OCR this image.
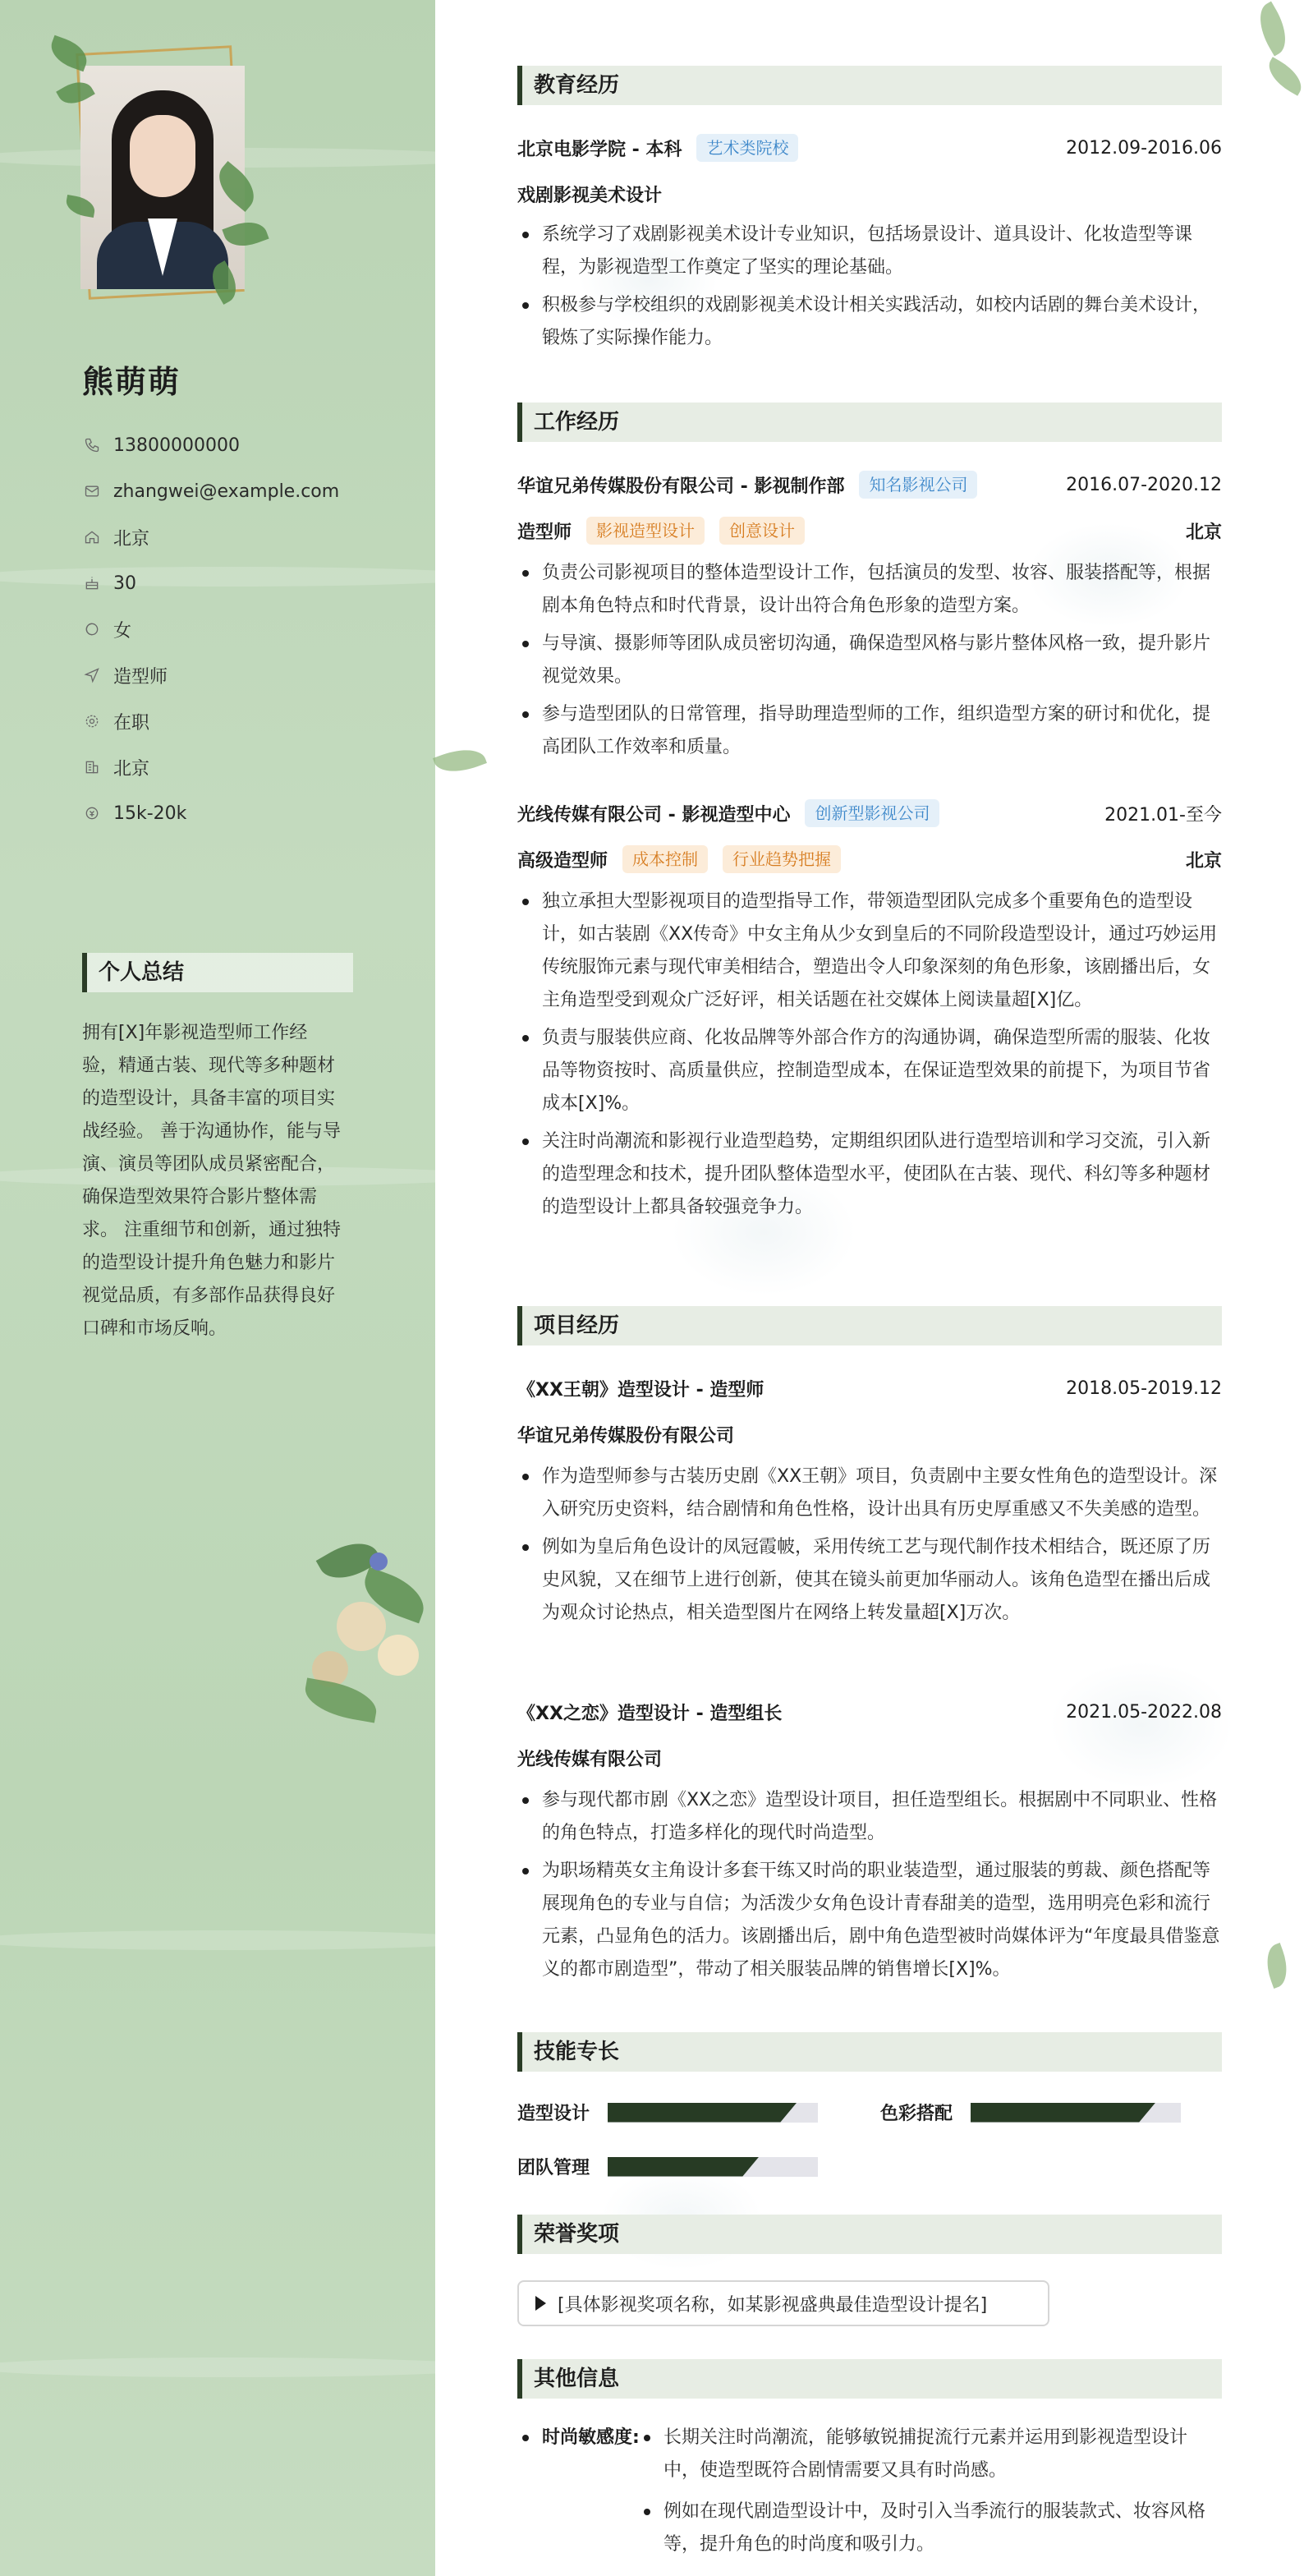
熊萌萌
13800000000
zhangwei@example.com
北京
30
女
造型师
在职
北京
15k-20k
个人总结
拥有[X]年影视造型师工作经验，精通古装、现代等多种题材的造型设计，具备丰富的项目实战经验。 善于沟通协作，能与导演、演员等团队成员紧密配合，确保造型效果符合影片整体需求。 注重细节和创新，通过独特的造型设计提升角色魅力和影片视觉品质，有多部作品获得良好口碑和市场反响。
教育经历
北京电影学院 - 本科	艺术类院校	2012.09-2016.06
戏剧影视美术设计
系统学习了戏剧影视美术设计专业知识，包括场景设计、道具设计、化妆造型等课程，为影视造型工作奠定了坚实的理论基础。
积极参与学校组织的戏剧影视美术设计相关实践活动，如校内话剧的舞台美术设计，锻炼了实际操作能力。
工作经历
华谊兄弟传媒股份有限公司 - 影视制作部	知名影视公司	2016.07-2020.12
造型师	影视造型设计	创意设计	北京
负责公司影视项目的整体造型设计工作，包括演员的发型、妆容、服装搭配等，根据剧本角色特点和时代背景，设计出符合角色形象的造型方案。
与导演、摄影师等团队成员密切沟通，确保造型风格与影片整体风格一致，提升影片视觉效果。
参与造型团队的日常管理，指导助理造型师的工作，组织造型方案的研讨和优化，提高团队工作效率和质量。
光线传媒有限公司 - 影视造型中心	创新型影视公司	2021.01-至今
高级造型师	成本控制	行业趋势把握	北京
独立承担大型影视项目的造型指导工作，带领造型团队完成多个重要角色的造型设计，如古装剧《XX传奇》中女主角从少女到皇后的不同阶段造型设计，通过巧妙运用传统服饰元素与现代审美相结合，塑造出令人印象深刻的角色形象，该剧播出后，女主角造型受到观众广泛好评，相关话题在社交媒体上阅读量超[X]亿。
负责与服装供应商、化妆品牌等外部合作方的沟通协调，确保造型所需的服装、化妆品等物资按时、高质量供应，控制造型成本，在保证造型效果的前提下，为项目节省成本[X]%。
关注时尚潮流和影视行业造型趋势，定期组织团队进行造型培训和学习交流，引入新的造型理念和技术，提升团队整体造型水平，使团队在古装、现代、科幻等多种题材的造型设计上都具备较强竞争力。
项目经历
《XX王朝》造型设计 - 造型师	2018.05-2019.12
华谊兄弟传媒股份有限公司
作为造型师参与古装历史剧《XX王朝》项目，负责剧中主要女性角色的造型设计。深入研究历史资料，结合剧情和角色性格，设计出具有历史厚重感又不失美感的造型。
例如为皇后角色设计的凤冠霞帔，采用传统工艺与现代制作技术相结合，既还原了历史风貌，又在细节上进行创新，使其在镜头前更加华丽动人。该角色造型在播出后成为观众讨论热点，相关造型图片在网络上转发量超[X]万次。
《XX之恋》造型设计 - 造型组长	2021.05-2022.08
光线传媒有限公司
参与现代都市剧《XX之恋》造型设计项目，担任造型组长。根据剧中不同职业、性格的角色特点，打造多样化的现代时尚造型。
为职场精英女主角设计多套干练又时尚的职业装造型，通过服装的剪裁、颜色搭配等展现角色的专业与自信；为活泼少女角色设计青春甜美的造型，选用明亮色彩和流行元素，凸显角色的活力。该剧播出后，剧中角色造型被时尚媒体评为“年度最具借鉴意义的都市剧造型”，带动了相关服装品牌的销售增长[X]%。
技能专长
造型设计	色彩搭配
团队管理
荣誉奖项
[具体影视奖项名称，如某影视盛典最佳造型设计提名]
其他信息
时尚敏感度:	长期关注时尚潮流，能够敏锐捕捉流行元素并运用到影视造型设计中，使造型既符合剧情需要又具有时尚感。
例如在现代剧造型设计中，及时引入当季流行的服装款式、妆容风格等，提升角色的时尚度和吸引力。
